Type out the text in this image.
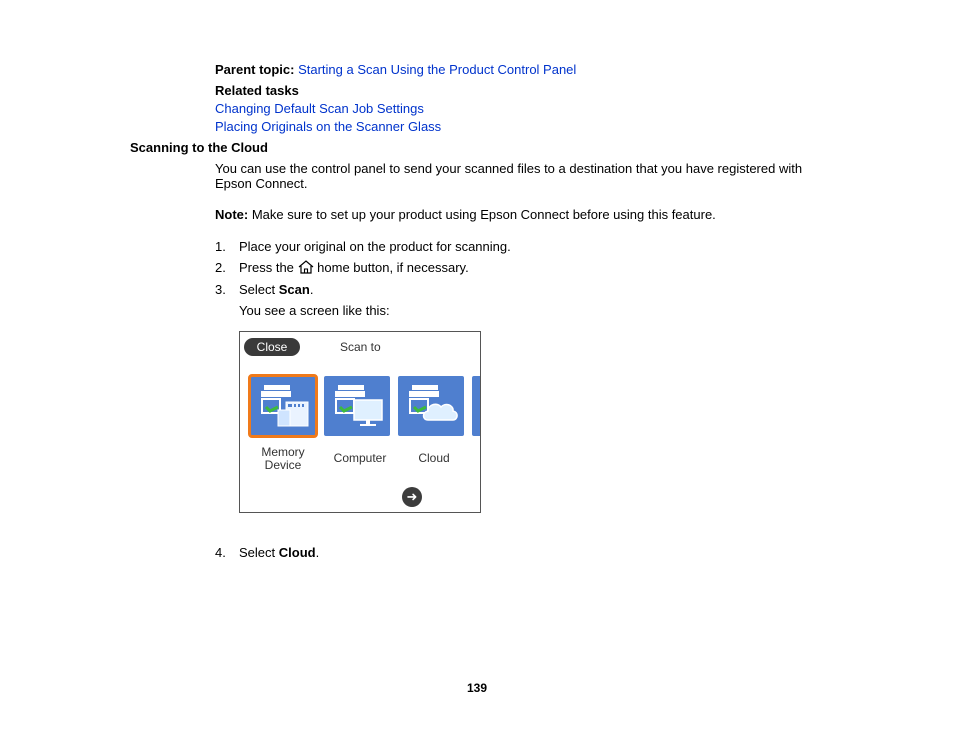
Parent topic: Starting a Scan Using the Product Control Panel
Related tasks
Changing Default Scan Job Settings
Placing Originals on the Scanner Glass
Scanning to the Cloud
You can use the control panel to send your scanned files to a destination that you have registered with
Epson Connect.
Note: Make sure to set up your product using Epson Connect before using this feature.
1. Place your original on the product for scanning.
2. Press the home button, if necessary.
3. Select Scan.
You see a screen like this:
Close	Scan to
Memory
Device	Computer	Cloud
➜
4. Select Cloud.
139
